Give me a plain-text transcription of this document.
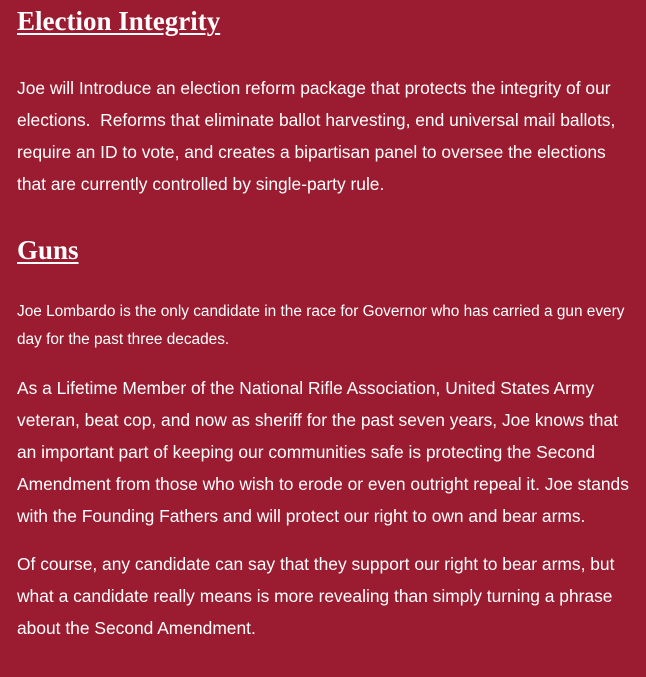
Election Integrity

Joe will Introduce an election reform package that protects the integrity of our elections.  Reforms that eliminate ballot harvesting, end universal mail ballots, require an ID to vote, and creates a bipartisan panel to oversee the elections that are currently controlled by single-party rule.

Guns

Joe Lombardo is the only candidate in the race for Governor who has carried a gun every day for the past three decades.

As a Lifetime Member of the National Rifle Association, United States Army veteran, beat cop, and now as sheriff for the past seven years, Joe knows that an important part of keeping our communities safe is protecting the Second Amendment from those who wish to erode or even outright repeal it. Joe stands with the Founding Fathers and will protect our right to own and bear arms.

Of course, any candidate can say that they support our right to bear arms, but what a candidate really means is more revealing than simply turning a phrase about the Second Amendment.
